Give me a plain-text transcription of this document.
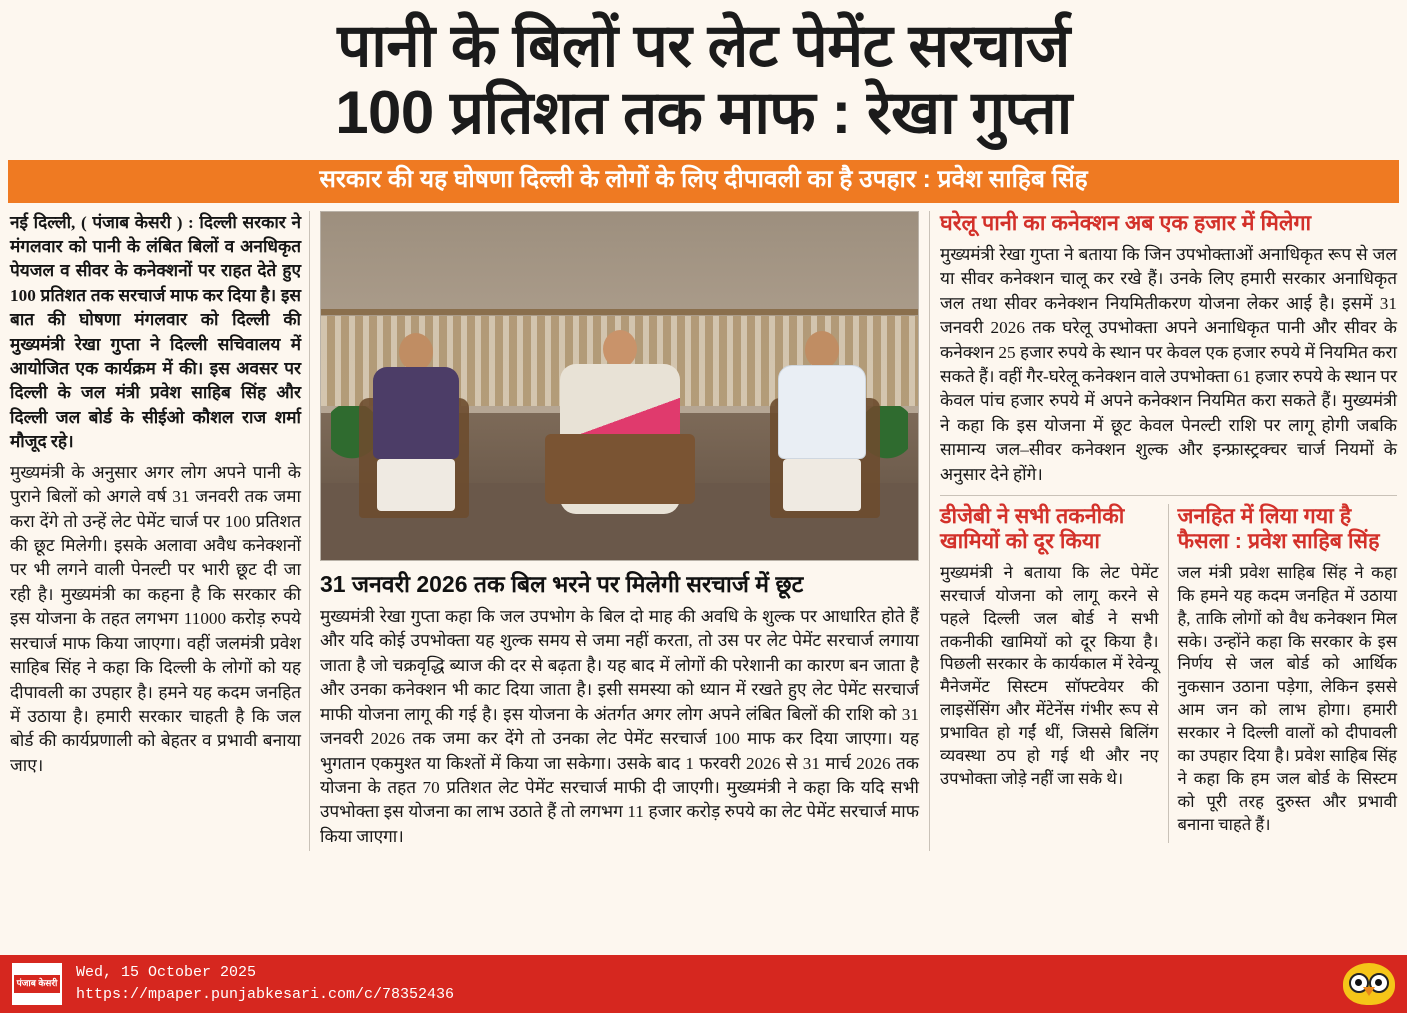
पानी के बिलों पर लेट पेमेंट सरचार्ज
100 प्रतिशत तक माफ : रेखा गुप्ता
सरकार की यह घोषणा दिल्ली के लोगों के लिए दीपावली का है उपहार : प्रवेश साहिब सिंह

नई दिल्ली, ( पंजाब केसरी ) : दिल्ली सरकार ने मंगलवार को पानी के लंबित बिलों व अनधिकृत पेयजल व सीवर के कनेक्शनों पर राहत देते हुए 100 प्रतिशत तक सरचार्ज माफ कर दिया है। इस बात की घोषणा मंगलवार को दिल्ली की मुख्यमंत्री रेखा गुप्ता ने दिल्ली सचिवालय में आयोजित एक कार्यक्रम में की। इस अवसर पर दिल्ली के जल मंत्री प्रवेश साहिब सिंह और दिल्ली जल बोर्ड के सीईओ कौशल राज शर्मा मौजूद रहे।

मुख्यमंत्री के अनुसार अगर लोग अपने पानी के पुराने बिलों को अगले वर्ष 31 जनवरी तक जमा करा देंगे तो उन्हें लेट पेमेंट चार्ज पर 100 प्रतिशत की छूट मिलेगी। इसके अलावा अवैध कनेक्शनों पर भी लगने वाली पेनल्टी पर भारी छूट दी जा रही है। मुख्यमंत्री का कहना है कि सरकार की इस योजना के तहत लगभग 11000 करोड़ रुपये सरचार्ज माफ किया जाएगा। वहीं जलमंत्री प्रवेश साहिब सिंह ने कहा कि दिल्ली के लोगों को यह दीपावली का उपहार है। हमने यह कदम जनहित में उठाया है। हमारी सरकार चाहती है कि जल बोर्ड की कार्यप्रणाली को बेहतर व प्रभावी बनाया जाए।

31 जनवरी 2026 तक बिल भरने पर मिलेगी सरचार्ज में छूट

मुख्यमंत्री रेखा गुप्ता कहा कि जल उपभोग के बिल दो माह की अवधि के शुल्क पर आधारित होते हैं और यदि कोई उपभोक्ता यह शुल्क समय से जमा नहीं करता, तो उस पर लेट पेमेंट सरचार्ज लगाया जाता है जो चक्रवृद्धि ब्याज की दर से बढ़ता है। यह बाद में लोगों की परेशानी का कारण बन जाता है और उनका कनेक्शन भी काट दिया जाता है। इसी समस्या को ध्यान में रखते हुए लेट पेमेंट सरचार्ज माफी योजना लागू की गई है। इस योजना के अंतर्गत अगर लोग अपने लंबित बिलों की राशि को 31 जनवरी 2026 तक जमा कर देंगे तो उनका लेट पेमेंट सरचार्ज 100 माफ कर दिया जाएगा। यह भुगतान एकमुश्त या किश्तों में किया जा सकेगा। उसके बाद 1 फरवरी 2026 से 31 मार्च 2026 तक योजना के तहत 70 प्रतिशत लेट पेमेंट सरचार्ज माफी दी जाएगी। मुख्यमंत्री ने कहा कि यदि सभी उपभोक्ता इस योजना का लाभ उठाते हैं तो लगभग 11 हजार करोड़ रुपये का लेट पेमेंट सरचार्ज माफ किया जाएगा।

घरेलू पानी का कनेक्शन अब एक हजार में मिलेगा

मुख्यमंत्री रेखा गुप्ता ने बताया कि जिन उपभोक्ताओं अनाधिकृत रूप से जल या सीवर कनेक्शन चालू कर रखे हैं। उनके लिए हमारी सरकार अनाधिकृत जल तथा सीवर कनेक्शन नियमितीकरण योजना लेकर आई है। इसमें 31 जनवरी 2026 तक घरेलू उपभोक्ता अपने अनाधिकृत पानी और सीवर के कनेक्शन 25 हजार रुपये के स्थान पर केवल एक हजार रुपये में नियमित करा सकते हैं। वहीं गैर-घरेलू कनेक्शन वाले उपभोक्ता 61 हजार रुपये के स्थान पर केवल पांच हजार रुपये में अपने कनेक्शन नियमित करा सकते हैं। मुख्यमंत्री ने कहा कि इस योजना में छूट केवल पेनल्टी राशि पर लागू होगी जबकि सामान्य जल–सीवर कनेक्शन शुल्क और इन्फ्रास्ट्रक्चर चार्ज नियमों के अनुसार देने होंगे।

डीजेबी ने सभी तकनीकी खामियों को दूर किया

मुख्यमंत्री ने बताया कि लेट पेमेंट सरचार्ज योजना को लागू करने से पहले दिल्ली जल बोर्ड ने सभी तकनीकी खामियों को दूर किया है। पिछली सरकार के कार्यकाल में रेवेन्यू मैनेजमेंट सिस्टम सॉफ्टवेयर की लाइसेंसिंग और मेंटेनेंस गंभीर रूप से प्रभावित हो गईं थीं, जिससे बिलिंग व्यवस्था ठप हो गई थी और नए उपभोक्ता जोड़े नहीं जा सके थे।

जनहित में लिया गया है फैसला : प्रवेश साहिब सिंह

जल मंत्री प्रवेश साहिब सिंह ने कहा कि हमने यह कदम जनहित में उठाया है, ताकि लोगों को वैध कनेक्शन मिल सके। उन्होंने कहा कि सरकार के इस निर्णय से जल बोर्ड को आर्थिक नुकसान उठाना पड़ेगा, लेकिन इससे आम जन को लाभ होगा। हमारी सरकार ने दिल्ली वालों को दीपावली का उपहार दिया है। प्रवेश साहिब सिंह ने कहा कि हम जल बोर्ड के सिस्टम को पूरी तरह दुरुस्त और प्रभावी बनाना चाहते हैं।

पंजाब केसरी
Wed, 15 October 2025
https://mpaper.punjabkesari.com/c/78352436
